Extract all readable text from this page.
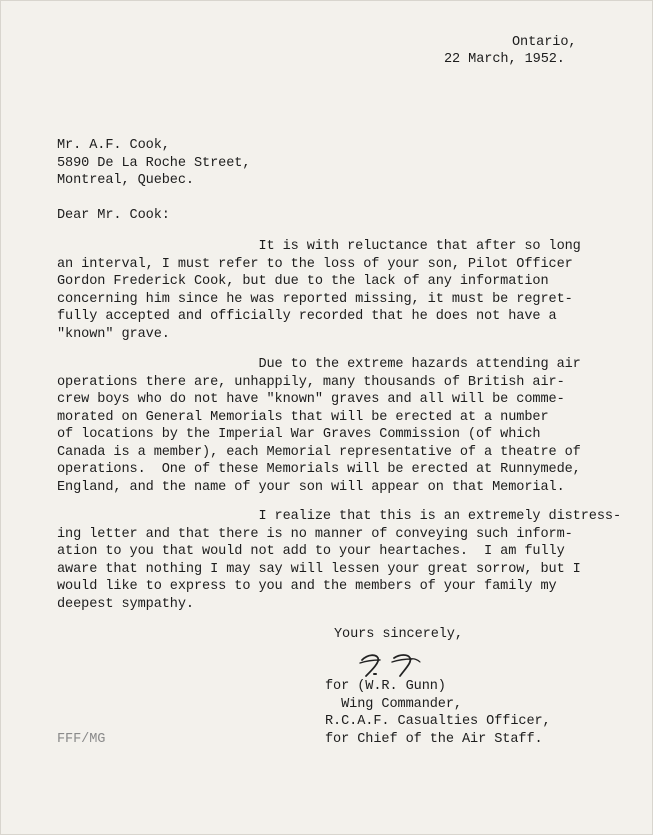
Ontario,
22 March, 1952.
Mr. A.F. Cook,
5890 De La Roche Street,
Montreal, Quebec.
Dear Mr. Cook:
It is with reluctance that after so long
an interval, I must refer to the loss of your son, Pilot Officer
Gordon Frederick Cook, but due to the lack of any information
concerning him since he was reported missing, it must be regret-
fully accepted and officially recorded that he does not have a
"known" grave.
Due to the extreme hazards attending air
operations there are, unhappily, many thousands of British air-
crew boys who do not have "known" graves and all will be comme-
morated on General Memorials that will be erected at a number
of locations by the Imperial War Graves Commission (of which
Canada is a member), each Memorial representative of a theatre of
operations.  One of these Memorials will be erected at Runnymede,
England, and the name of your son will appear on that Memorial.
I realize that this is an extremely distress-
ing letter and that there is no manner of conveying such inform-
ation to you that would not add to your heartaches.  I am fully
aware that nothing I may say will lessen your great sorrow, but I
would like to express to you and the members of your family my
deepest sympathy.
Yours sincerely,
for (W.R. Gunn)
Wing Commander,
R.C.A.F. Casualties Officer,
for Chief of the Air Staff.
FFF/MG
